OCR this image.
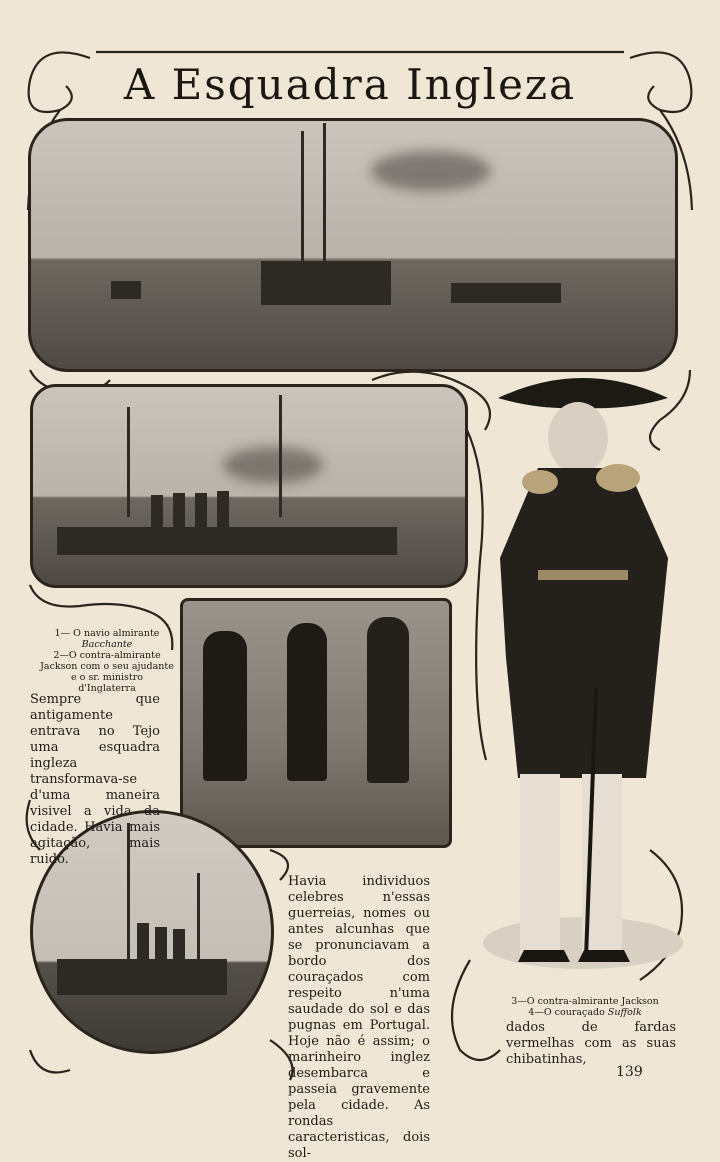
A Esquadra Ingleza
1— O navio almirante
Bacchante
2—O contra-almirante
Jackson com o seu ajudante
e o sr. ministro
d'Inglaterra
3—O contra-almirante Jackson
4—O couraçado Suffolk
Sempre que antigamente entrava no Tejo uma esquadra ingleza transformava-se d'uma maneira visivel a vida da cidade. Havia mais agitação, mais ruido.
Havia individuos celebres n'essas guerreias, nomes ou antes alcunhas que se pronunciavam a bordo dos couraçados com respeito n'uma saudade do sol e das pugnas em Portugal. Hoje não é assim; o marinheiro inglez desembarca e passeia gravemente pela cidade. As rondas caracteristicas, dois sol-
dados de fardas vermelhas com as suas chibatinhas,
139
